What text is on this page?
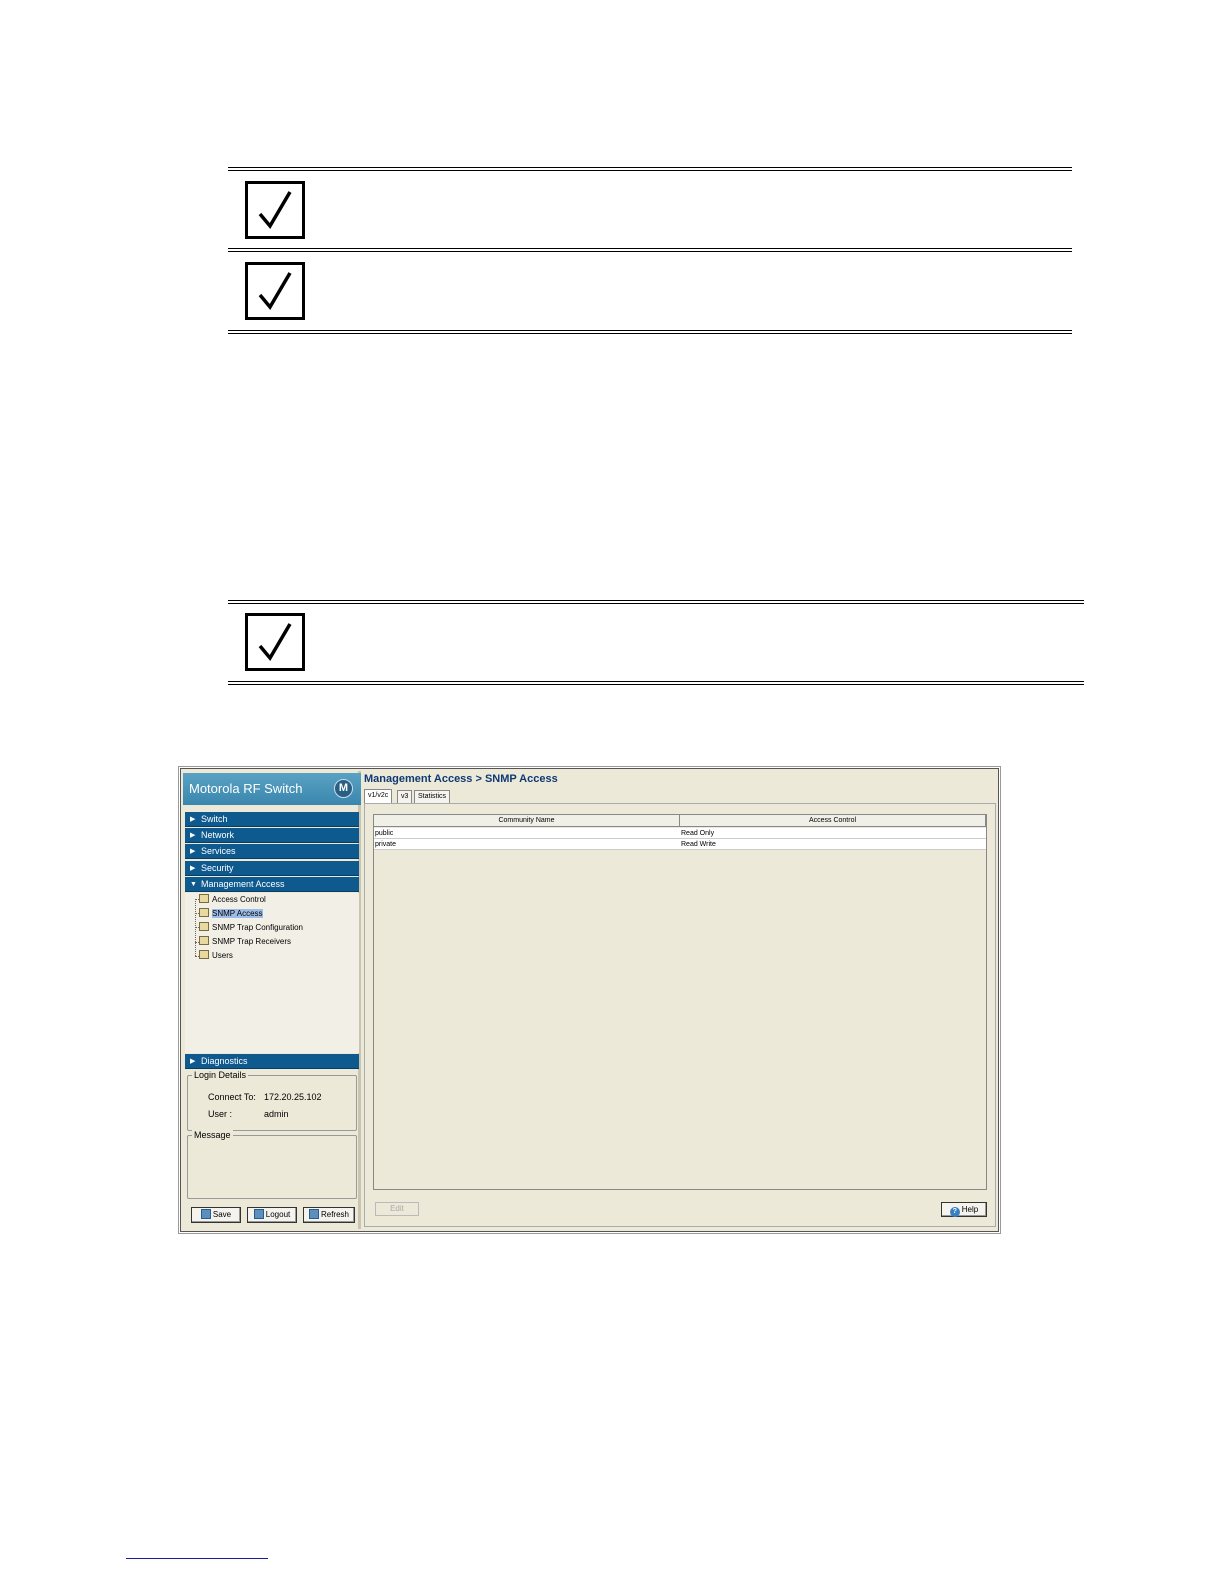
Motorola RF Switch	M
▶ Switch
▶ Network
▶ Services
▶ Security
▼ Management Access
Access Control
SNMP Access
SNMP Trap Configuration
SNMP Trap Receivers
Users
▶ Diagnostics
Login Details
Connect To: 172.20.25.102
User :	admin
Message
Save	Logout	Refresh
Management Access > SNMP Access
v1/v2c	v3	Statistics
Community Name	Access Control
public	Read Only
private	Read Write
Edit	? Help
